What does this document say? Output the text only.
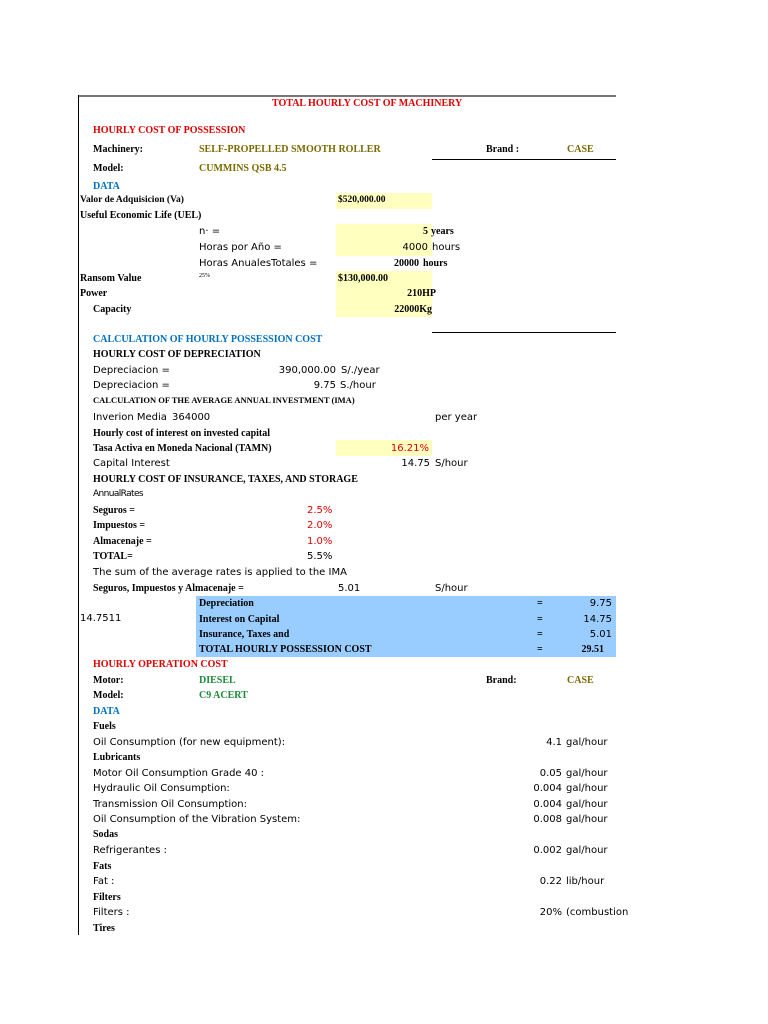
TOTAL HOURLY COST OF MACHINERY
HOURLY COST OF POSSESSION
Machinery:	SELF-PROPELLED SMOOTH ROLLER	Brand :	CASE
Model:	CUMMINS QSB 4.5
DATA
Valor de Adquisicion (Va)	$520,000.00
Useful Economic Life (UEL)
n· =	5 years
Horas por Año =	4000 hours
Horas AnualesTotales =	20000 hours
Ransom Value	25%	$130,000.00
Power	210HP
Capacity	22000Kg
CALCULATION OF HOURLY POSSESSION COST
HOURLY COST OF DEPRECIATION
Depreciacion =	390,000.00 S/./year
Depreciacion =	9.75 S./hour
CALCULATION OF THE AVERAGE ANNUAL INVESTMENT (IMA)
Inverion Media 364000	per year
Hourly cost of interest on invested capital
Tasa Activa en Moneda Nacional (TAMN)	16.21%
Capital Interest	14.75 S/hour
HOURLY COST OF INSURANCE, TAXES, AND STORAGE
AnnualRates
Seguros =	2.5%
Impuestos =	2.0%
Almacenaje =	1.0%
TOTAL=	5.5%
The sum of the average rates is applied to the IMA
Seguros, Impuestos y Almacenaje =	5.01	S/hour
14.7511
Depreciation	=	9.75
Interest on Capital	=	14.75
Insurance, Taxes and	=	5.01
TOTAL HOURLY POSSESSION COST	=	29.51
HOURLY OPERATION COST
Motor:	DIESEL	Brand:	CASE
Model:	C9 ACERT
DATA
Fuels
Oil Consumption (for new equipment):	4.1 gal/hour
Lubricants
Motor Oil Consumption Grade 40 :	0.05 gal/hour
Hydraulic Oil Consumption:	0.004 gal/hour
Transmission Oil Consumption:	0.004 gal/hour
Oil Consumption of the Vibration System:	0.008 gal/hour
Sodas
Refrigerantes :	0.002 gal/hour
Fats
Fat :	0.22 lib/hour
Filters
Filters :	20% (combustion
Tires
